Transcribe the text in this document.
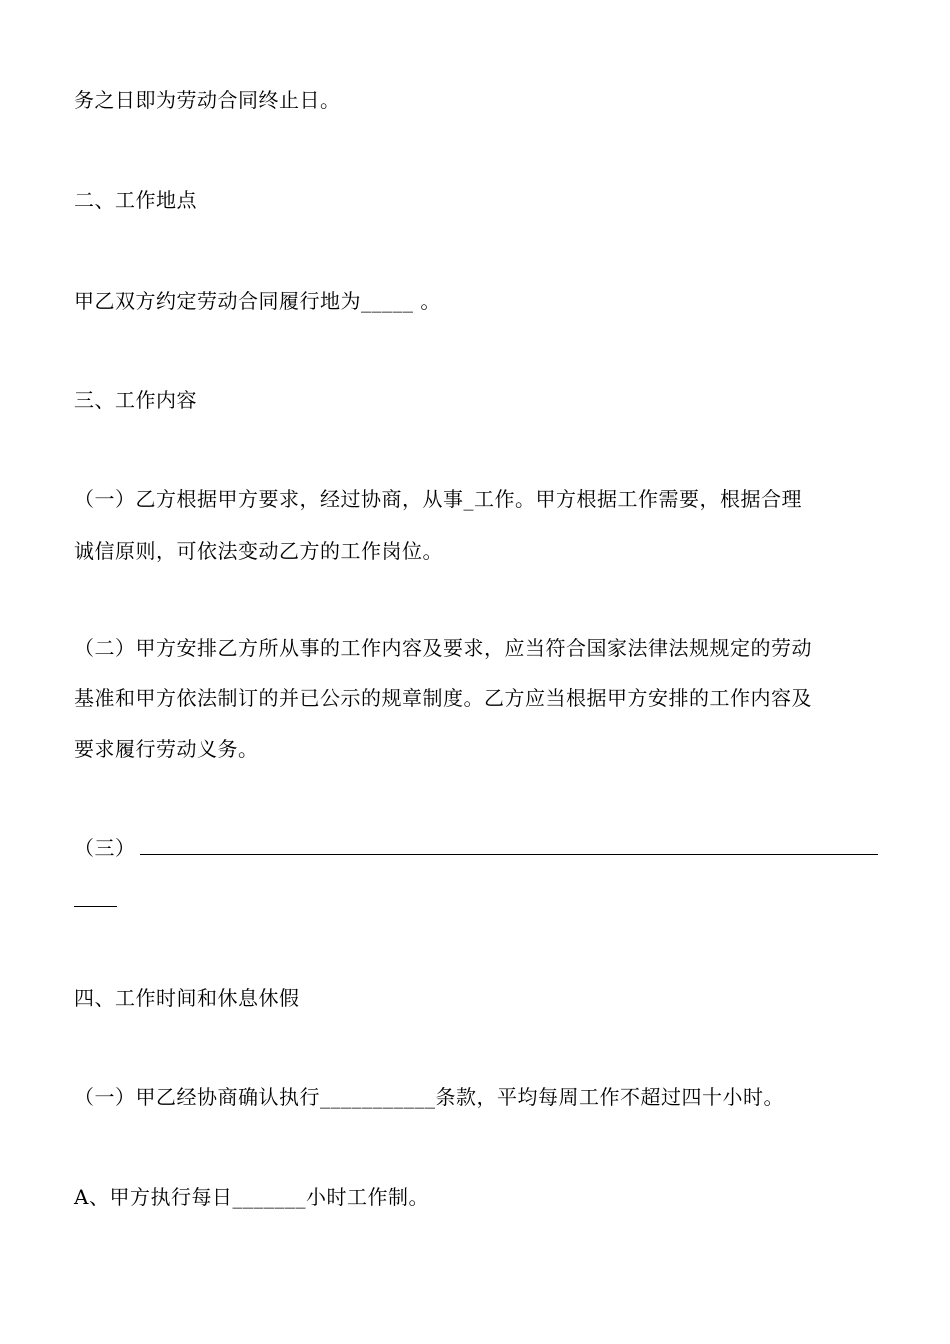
务之日即为劳动合同终止日。
二、工作地点
甲乙双方约定劳动合同履行地为_____ 。
三、工作内容
（一）乙方根据甲方要求，经过协商，从事_工作。甲方根据工作需要，根据合理
诚信原则，可依法变动乙方的工作岗位。
（二）甲方安排乙方所从事的工作内容及要求，应当符合国家法律法规规定的劳动
基准和甲方依法制订的并已公示的规章制度。乙方应当根据甲方安排的工作内容及
要求履行劳动义务。
（三）
四、工作时间和休息休假
（一）甲乙经协商确认执行___________条款，平均每周工作不超过四十小时。
A、甲方执行每日_______小时工作制。
